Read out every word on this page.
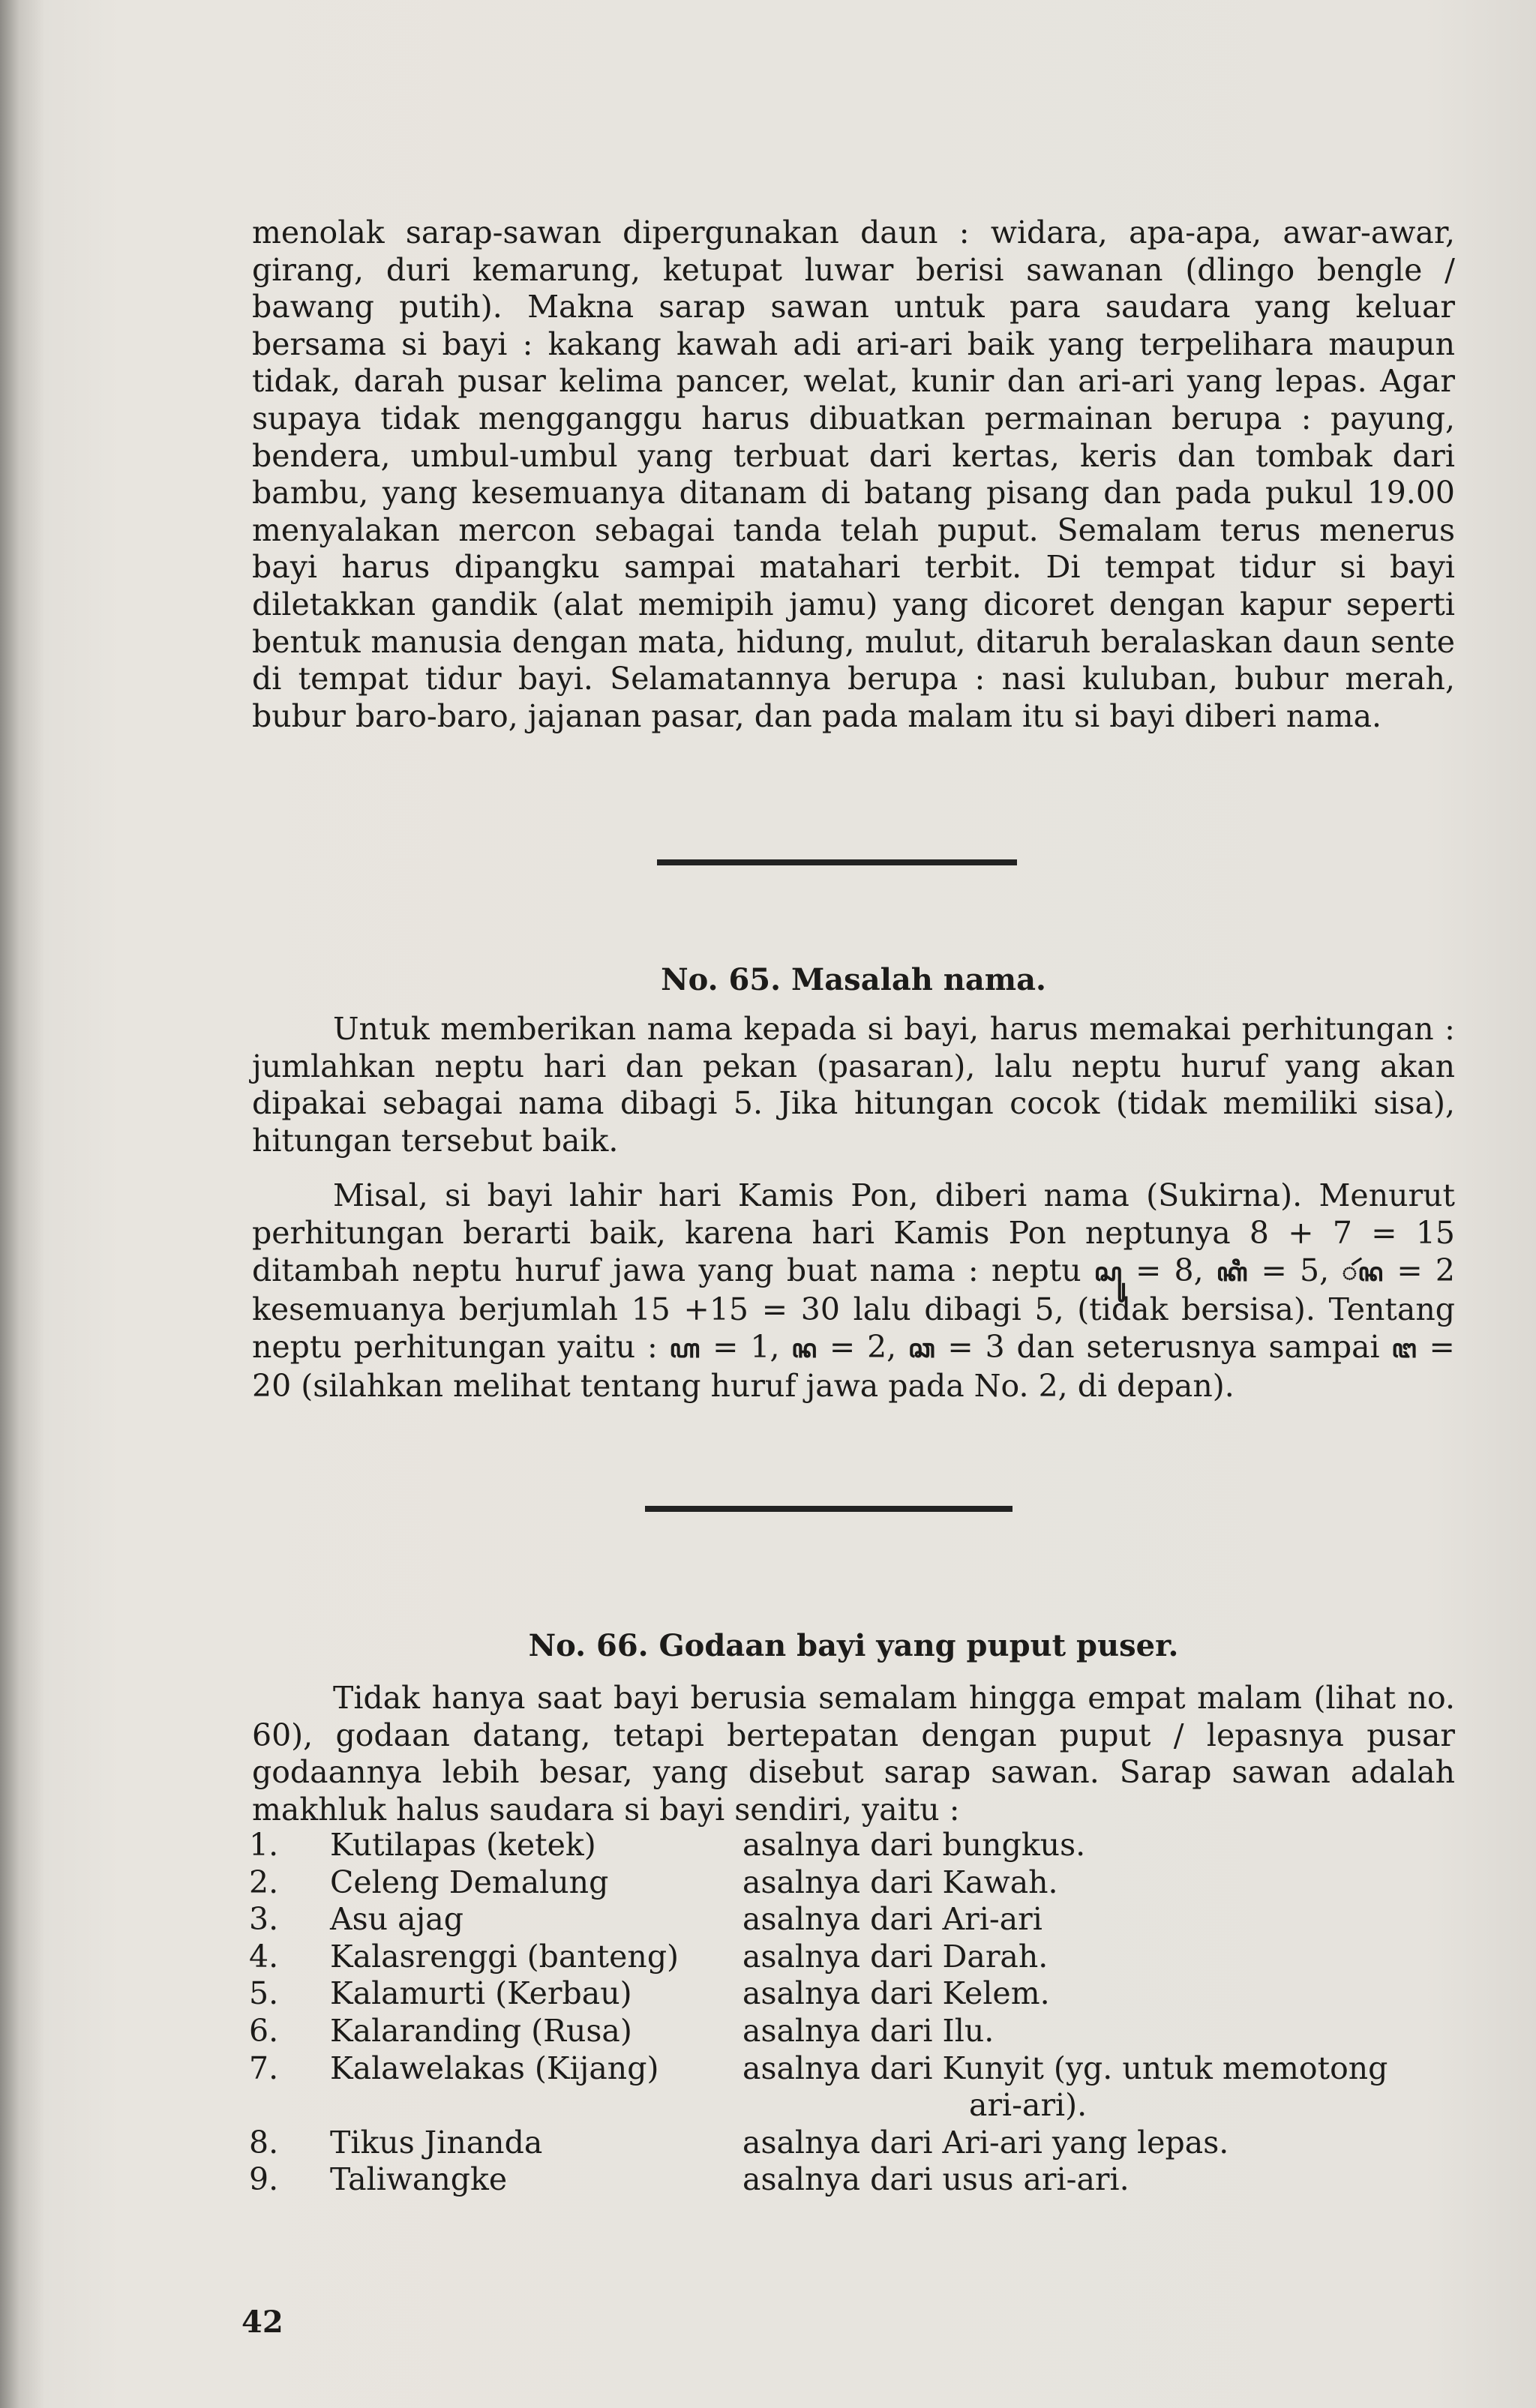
menolak sarap-sawan dipergunakan daun : widara, apa-apa, awar-awar, girang, duri kemarung, ketupat luwar berisi sawanan (dlingo bengle / bawang putih). Makna sarap sawan untuk para saudara yang keluar bersama si bayi : kakang kawah adi ari-ari baik yang terpelihara maupun tidak, darah pusar kelima pancer, welat, kunir dan ari-ari yang lepas. Agar supaya tidak mengganggu harus dibuatkan permainan berupa : payung, bendera, umbul-umbul yang terbuat dari kertas, keris dan tombak dari bambu, yang kesemuanya ditanam di batang pisang dan pada pukul 19.00 menyalakan mercon sebagai tanda telah puput. Semalam terus menerus bayi harus dipangku sampai matahari terbit. Di tempat tidur si bayi diletakkan gandik (alat memipih jamu) yang dicoret dengan kapur seperti bentuk manusia dengan mata, hidung, mulut, ditaruh beralaskan daun sente di tempat tidur bayi. Selamatannya berupa : nasi kuluban, bubur merah, bubur baro-baro, jajanan pasar, dan pada malam itu si bayi diberi nama.

No. 65. Masalah nama.

Untuk memberikan nama kepada si bayi, harus memakai perhitungan : jumlahkan neptu hari dan pekan (pasaran), lalu neptu huruf yang akan dipakai sebagai nama dibagi 5. Jika hitungan cocok (tidak memiliki sisa), hitungan tersebut baik.

Misal, si bayi lahir hari Kamis Pon, diberi nama (Sukirna). Menurut perhitungan berarti baik, karena hari Kamis Pon neptunya 8 + 7 = 15 ditambah neptu huruf jawa yang buat nama : neptu ꦱꦸ = 8, ꦏꦶ = 5, ꦂꦤ = 2 kesemuanya berjumlah 15 +15 = 30 lalu dibagi 5, (tidak bersisa). Tentang neptu perhitungan yaitu : ꦲ = 1, ꦤ = 2, ꦕ = 3 dan seterusnya sampai ꦔ = 20 (silahkan melihat tentang huruf jawa pada No. 2, di depan).

No. 66. Godaan bayi yang puput puser.

Tidak hanya saat bayi berusia semalam hingga empat malam (lihat no. 60), godaan datang, tetapi bertepatan dengan puput / lepasnya pusar godaannya lebih besar, yang disebut sarap sawan. Sarap sawan adalah makhluk halus saudara si bayi sendiri, yaitu :

1.	Kutilapas (ketek)	asalnya dari bungkus.
2.	Celeng Demalung	asalnya dari Kawah.
3.	Asu ajag	asalnya dari Ari-ari
4.	Kalasrenggi (banteng)	asalnya dari Darah.
5.	Kalamurti (Kerbau)	asalnya dari Kelem.
6.	Kalaranding (Rusa)	asalnya dari Ilu.
7.	Kalawelakas (Kijang)	asalnya dari Kunyit (yg. untuk memotong
ari-ari).
8.	Tikus Jinanda	asalnya dari Ari-ari yang lepas.
9.	Taliwangke	asalnya dari usus ari-ari.
42
